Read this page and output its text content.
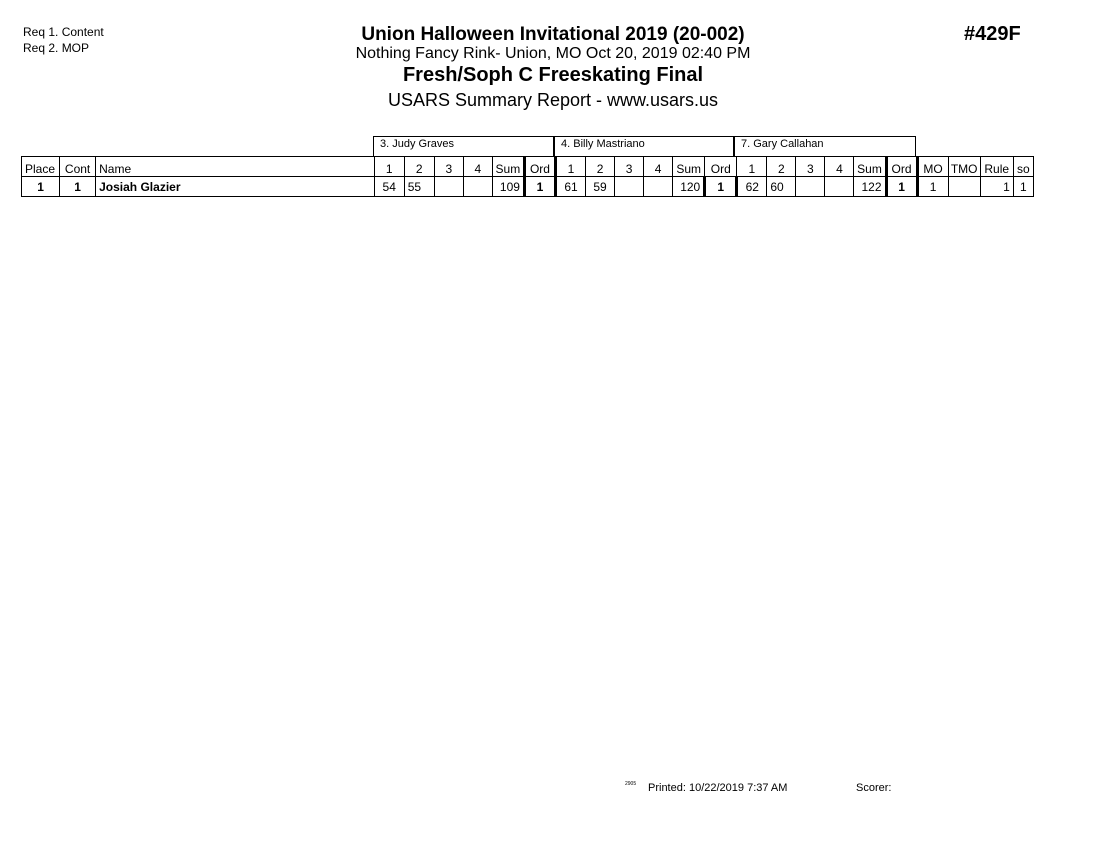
Req 1. Content
Req 2. MOP
Union Halloween Invitational 2019 (20-002)
Nothing Fancy Rink- Union, MO Oct 20, 2019 02:40 PM
Fresh/Soph C Freeskating Final
USARS Summary Report - www.usars.us
#429F
3. Judy Graves	4. Billy Mastriano	7. Gary Callahan
Place	Cont	Name	1	2	3	4	Sum	Ord	1	2	3	4	Sum	Ord	1	2	3	4	Sum	Ord	MO	TMO	Rule	so
1	1	Josiah Glazier	54	55			109	1	61	59			120	1	62	60			122	1	1		1	1
2905 Printed: 10/22/2019 7:37 AM	Scorer:
